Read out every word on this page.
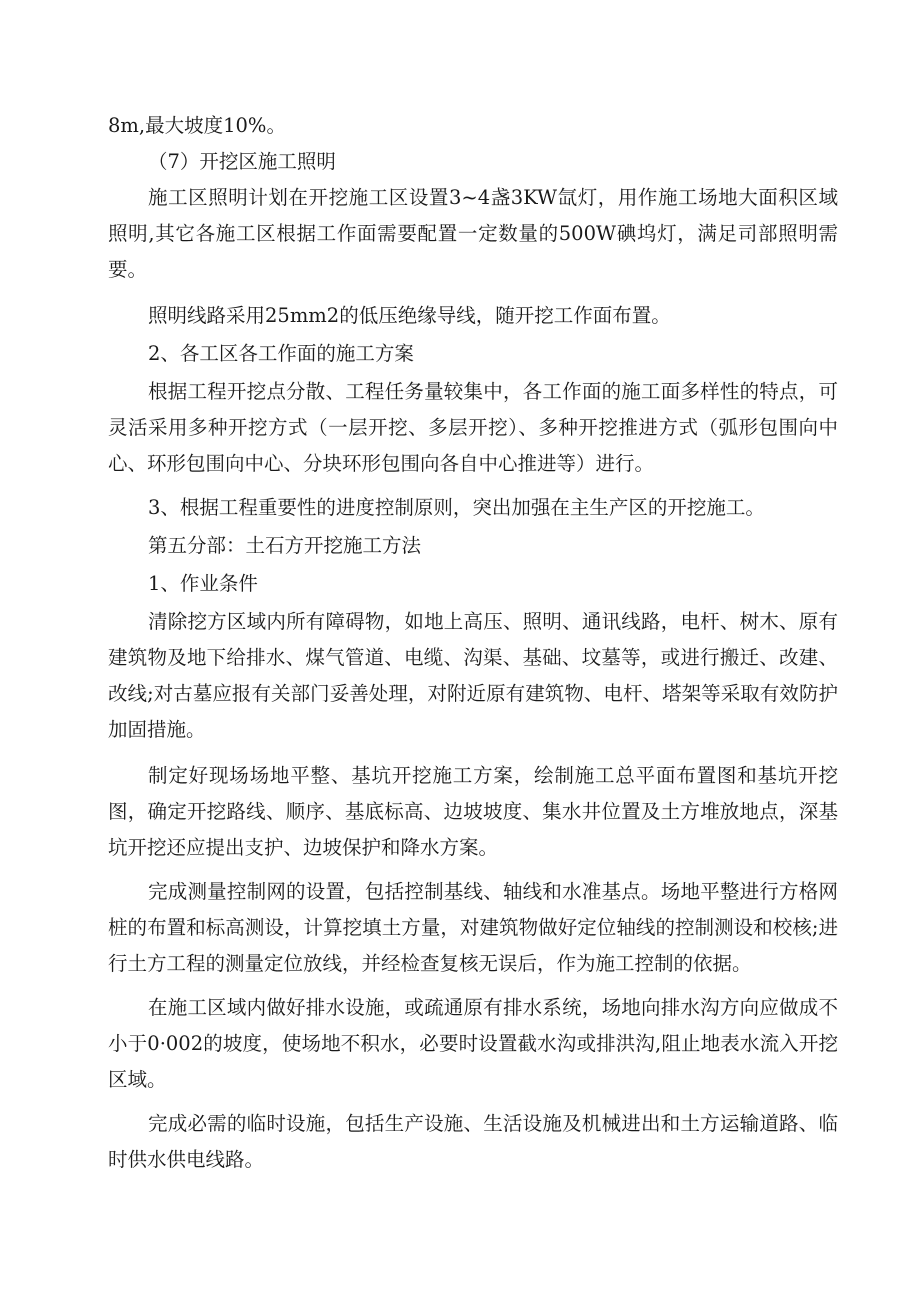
8m,最大坡度10%。

（7）开挖区施工照明

施工区照明计划在开挖施工区设置3~4盏3KW氙灯，用作施工场地大面积区域照明,其它各施工区根据工作面需要配置一定数量的500W碘坞灯，满足司部照明需要。

照明线路采用25mm2的低压绝缘导线，随开挖工作面布置。

2、各工区各工作面的施工方案

根据工程开挖点分散、工程任务量较集中，各工作面的施工面多样性的特点，可灵活采用多种开挖方式（一层开挖、多层开挖）、多种开挖推进方式（弧形包围向中心、环形包围向中心、分块环形包围向各自中心推进等）进行。

3、根据工程重要性的进度控制原则，突出加强在主生产区的开挖施工。

第五分部：土石方开挖施工方法

1、作业条件

清除挖方区域内所有障碍物，如地上高压、照明、通讯线路，电杆、树木、原有建筑物及地下给排水、煤气管道、电缆、沟渠、基础、坟墓等，或进行搬迁、改建、改线;对古墓应报有关部门妥善处理，对附近原有建筑物、电杆、塔架等采取有效防护加固措施。

制定好现场场地平整、基坑开挖施工方案，绘制施工总平面布置图和基坑开挖图，确定开挖路线、顺序、基底标高、边坡坡度、集水井位置及土方堆放地点，深基坑开挖还应提出支护、边坡保护和降水方案。

完成测量控制网的设置，包括控制基线、轴线和水准基点。场地平整进行方格网桩的布置和标高测设，计算挖填土方量，对建筑物做好定位轴线的控制测设和校核;进行土方工程的测量定位放线，并经检查复核无误后，作为施工控制的依据。

在施工区域内做好排水设施，或疏通原有排水系统，场地向排水沟方向应做成不小于0·002的坡度，使场地不积水，必要时设置截水沟或排洪沟,阻止地表水流入开挖区域。

完成必需的临时设施，包括生产设施、生活设施及机械进出和土方运输道路、临时供水供电线路。
